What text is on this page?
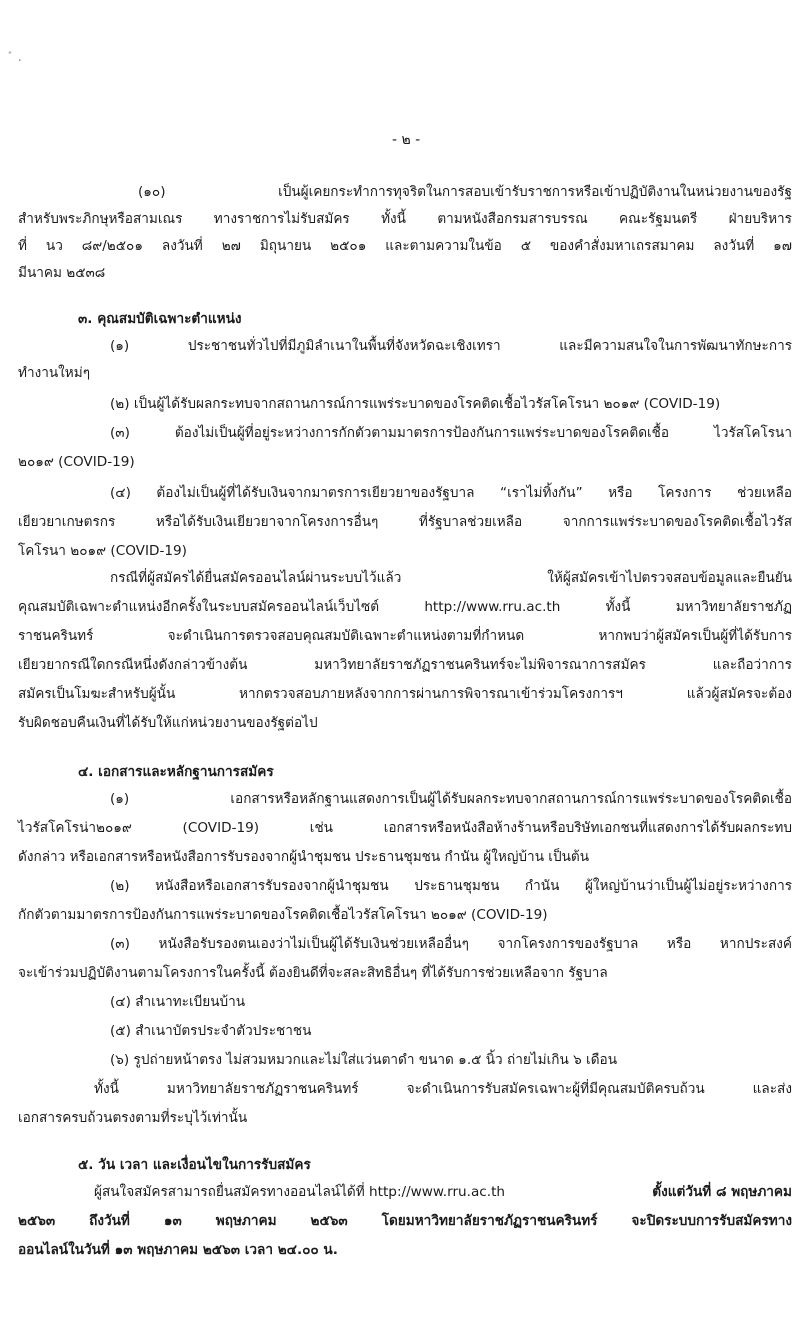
ﾞ .
- ๒ -
(๑๐) เป็นผู้เคยกระทำการทุจริตในการสอบเข้ารับราชการหรือเข้าปฏิบัติงานในหน่วยงานของรัฐ
สำหรับพระภิกษุหรือสามเณร ทางราชการไม่รับสมัคร ทั้งนี้ ตามหนังสือกรมสารบรรณ คณะรัฐมนตรี ฝ่ายบริหาร
ที่ นว ๘๙/๒๕๐๑ ลงวันที่ ๒๗ มิถุนายน ๒๕๐๑ และตามความในข้อ ๕ ของคำสั่งมหาเถรสมาคม ลงวันที่ ๑๗
มีนาคม ๒๕๓๘
๓. คุณสมบัติเฉพาะตำแหน่ง
(๑) ประชาชนทั่วไปที่มีภูมิลำเนาในพื้นที่จังหวัดฉะเชิงเทรา และมีความสนใจในการพัฒนาทักษะการ
ทำงานใหม่ๆ
(๒) เป็นผู้ได้รับผลกระทบจากสถานการณ์การแพร่ระบาดของโรคติดเชื้อไวรัสโคโรนา ๒๐๑๙ (COVID-19)
(๓) ต้องไม่เป็นผู้ที่อยู่ระหว่างการกักตัวตามมาตรการป้องกันการแพร่ระบาดของโรคติดเชื้อ ไวรัสโคโรนา
๒๐๑๙ (COVID-19)
(๔) ต้องไม่เป็นผู้ที่ได้รับเงินจากมาตรการเยียวยาของรัฐบาล “เราไม่ทิ้งกัน” หรือ โครงการ ช่วยเหลือ
เยียวยาเกษตรกร หรือได้รับเงินเยียวยาจากโครงการอื่นๆ ที่รัฐบาลช่วยเหลือ จากการแพร่ระบาดของโรคติดเชื้อไวรัส
โคโรนา ๒๐๑๙ (COVID-19)
กรณีที่ผู้สมัครได้ยื่นสมัครออนไลน์ผ่านระบบไว้แล้ว ให้ผู้สมัครเข้าไปตรวจสอบข้อมูลและยืนยัน
คุณสมบัติเฉพาะตำแหน่งอีกครั้งในระบบสมัครออนไลน์เว็บไซต์ http://www.rru.ac.th ทั้งนี้ มหาวิทยาลัยราชภัฏ
ราชนครินทร์ จะดำเนินการตรวจสอบคุณสมบัติเฉพาะตำแหน่งตามที่กำหนด หากพบว่าผู้สมัครเป็นผู้ที่ได้รับการ
เยียวยากรณีใดกรณีหนึ่งดังกล่าวข้างต้น มหาวิทยาลัยราชภัฏราชนครินทร์จะไม่พิจารณาการสมัคร และถือว่าการ
สมัครเป็นโมฆะสำหรับผู้นั้น หากตรวจสอบภายหลังจากการผ่านการพิจารณาเข้าร่วมโครงการฯ แล้วผู้สมัครจะต้อง
รับผิดชอบคืนเงินที่ได้รับให้แก่หน่วยงานของรัฐต่อไป
๔. เอกสารและหลักฐานการสมัคร
(๑) เอกสารหรือหลักฐานแสดงการเป็นผู้ได้รับผลกระทบจากสถานการณ์การแพร่ระบาดของโรคติดเชื้อ
ไวรัสโคโรน่า๒๐๑๙ (COVID-19) เช่น เอกสารหรือหนังสือห้างร้านหรือบริษัทเอกชนที่แสดงการได้รับผลกระทบ
ดังกล่าว หรือเอกสารหรือหนังสือการรับรองจากผู้นำชุมชน ประธานชุมชน กำนัน ผู้ใหญ่บ้าน เป็นต้น
(๒) หนังสือหรือเอกสารรับรองจากผู้นำชุมชน ประธานชุมชน กำนัน ผู้ใหญ่บ้านว่าเป็นผู้ไม่อยู่ระหว่างการ
กักตัวตามมาตรการป้องกันการแพร่ระบาดของโรคติดเชื้อไวรัสโคโรนา ๒๐๑๙ (COVID-19)
(๓) หนังสือรับรองตนเองว่าไม่เป็นผู้ได้รับเงินช่วยเหลืออื่นๆ จากโครงการของรัฐบาล หรือ หากประสงค์
จะเข้าร่วมปฏิบัติงานตามโครงการในครั้งนี้ ต้องยินดีที่จะสละสิทธิอื่นๆ ที่ได้รับการช่วยเหลือจาก รัฐบาล
(๔) สำเนาทะเบียนบ้าน
(๕) สำเนาบัตรประจำตัวประชาชน
(๖) รูปถ่ายหน้าตรง ไม่สวมหมวกและไม่ใส่แว่นตาดำ ขนาด ๑.๕ นิ้ว ถ่ายไม่เกิน ๖ เดือน
ทั้งนี้ มหาวิทยาลัยราชภัฏราชนครินทร์ จะดำเนินการรับสมัครเฉพาะผู้ที่มีคุณสมบัติครบถ้วน และส่ง
เอกสารครบถ้วนตรงตามที่ระบุไว้เท่านั้น
๕. วัน เวลา และเงื่อนไขในการรับสมัคร
ผู้สนใจสมัครสามารถยื่นสมัครทางออนไลน์ได้ที่ http://www.rru.ac.th	ตั้งแต่วันที่ ๘ พฤษภาคม
๒๕๖๓ ถึงวันที่ ๑๓ พฤษภาคม ๒๕๖๓ โดยมหาวิทยาลัยราชภัฏราชนครินทร์ จะปิดระบบการรับสมัครทาง
ออนไลน์ในวันที่ ๑๓ พฤษภาคม ๒๕๖๓ เวลา ๒๔.๐๐ น.
